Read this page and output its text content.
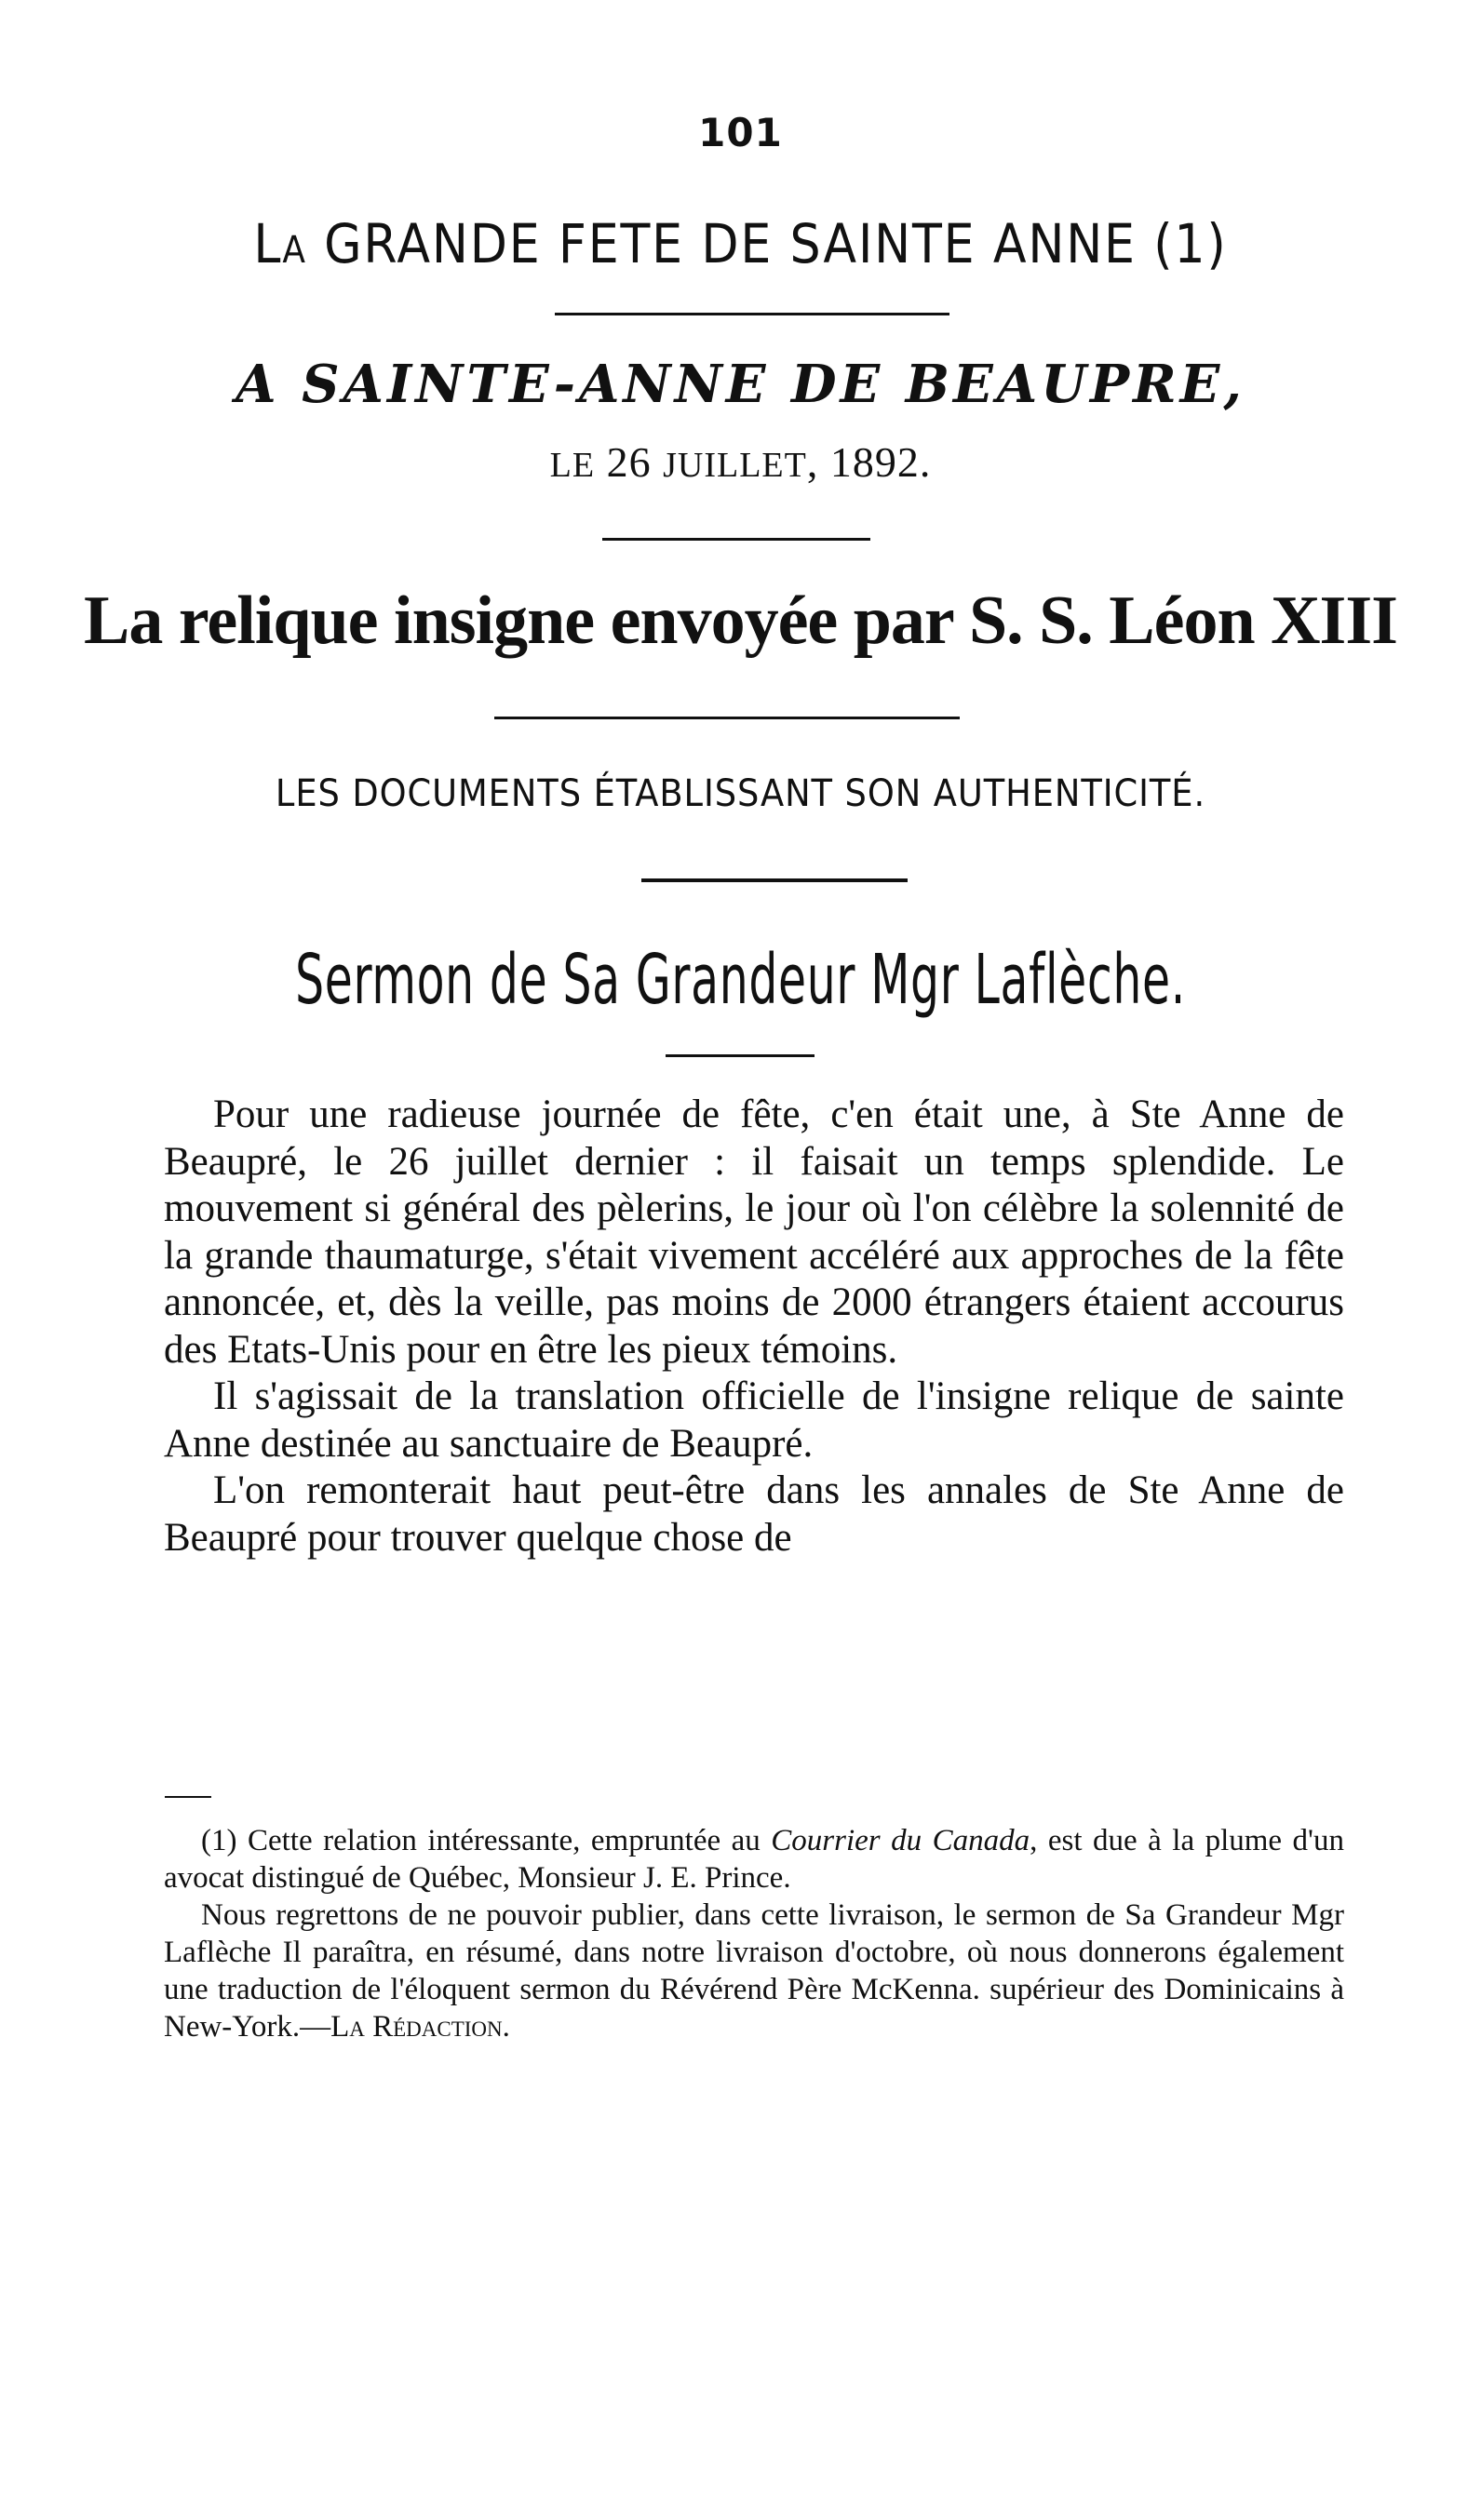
101
LA GRANDE FETE DE SAINTE ANNE (1)
A SAINTE-ANNE DE BEAUPRE,
LE 26 JUILLET, 1892.
La relique insigne envoyée par S. S. Léon XIII
LES DOCUMENTS ÉTABLISSANT SON AUTHENTICITÉ.
Sermon de Sa Grandeur Mgr Laflèche.

Pour une radieuse journée de fête, c'en était une, à Ste Anne de Beaupré, le 26 juillet dernier : il faisait un temps splendide. Le mouvement si général des pèlerins, le jour où l'on célèbre la solennité de la grande thaumaturge, s'était vivement accéléré aux approches de la fête annoncée, et, dès la veille, pas moins de 2000 étrangers étaient accourus des Etats-Unis pour en être les pieux témoins.

Il s'agissait de la translation officielle de l'insigne relique de sainte Anne destinée au sanctuaire de Beaupré.

L'on remonterait haut peut-être dans les annales de Ste Anne de Beaupré pour trouver quelque chose de

(1) Cette relation intéressante, empruntée au Courrier du Canada, est due à la plume d'un avocat distingué de Québec, Monsieur J. E. Prince.

Nous regrettons de ne pouvoir publier, dans cette livraison, le sermon de Sa Grandeur Mgr Laflèche Il paraîtra, en résumé, dans notre livraison d'octobre, où nous donnerons également une traduction de l'éloquent sermon du Révérend Père McKenna. supérieur des Dominicains à New-York.—La Rédaction.
